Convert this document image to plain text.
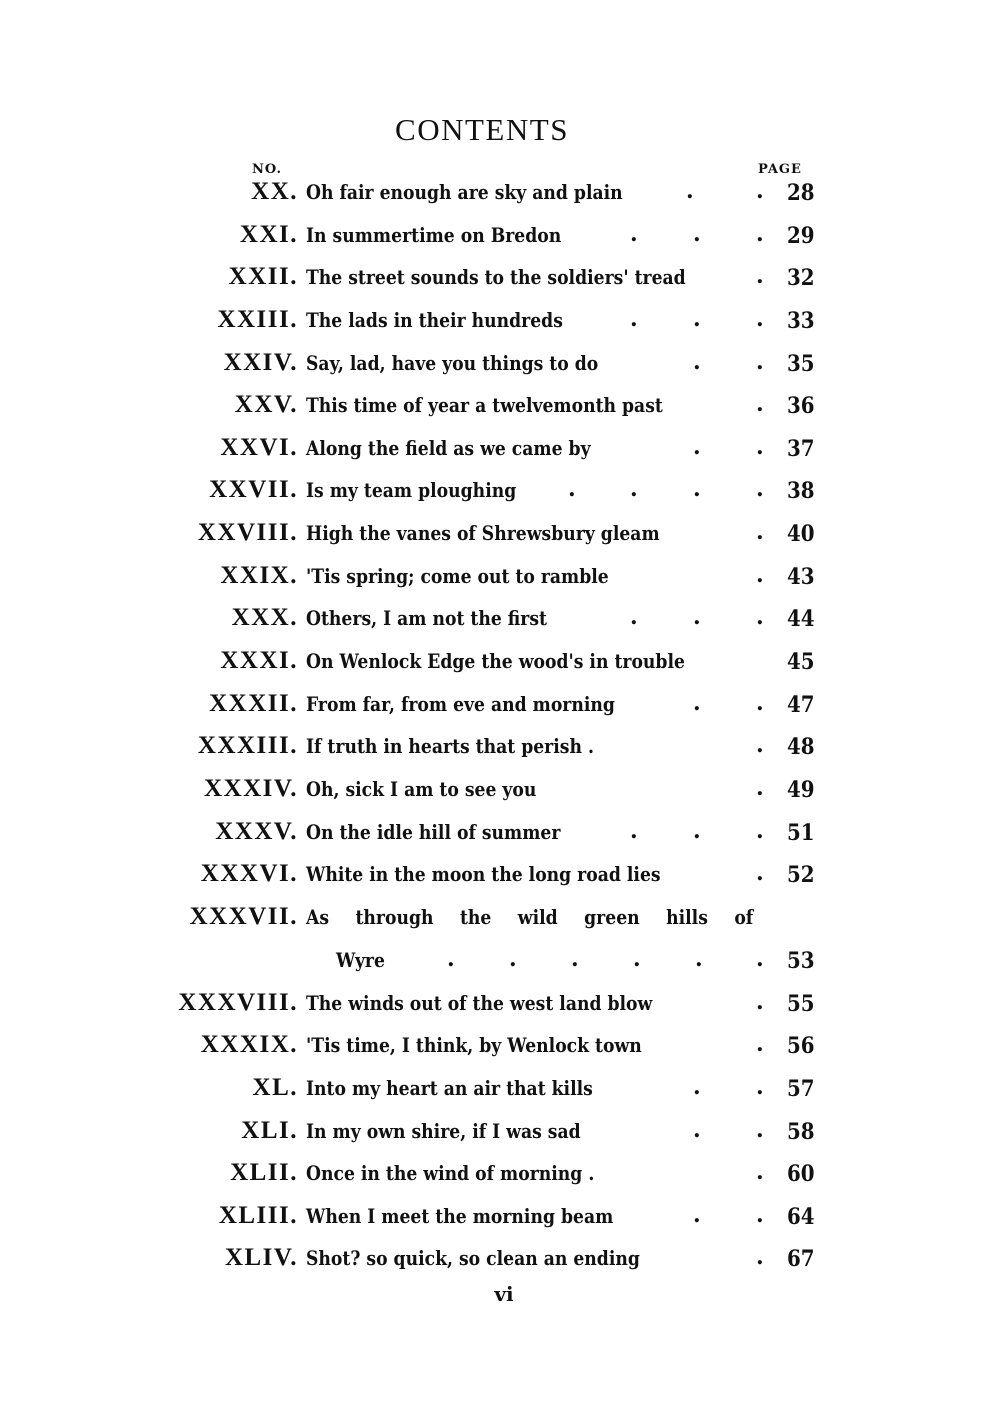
CONTENTS
NO.	PAGE
XX. Oh fair enough are sky and plain	28
.	.
XXI. In summertime on Bredon	29
.	.	.
XXII. The street sounds to the soldiers' tread	32
.
XXIII. The lads in their hundreds	33
.	.	.
XXIV. Say, lad, have you things to do	35
.	.
XXV. This time of year a twelvemonth past	36
.
XXVI. Along the field as we came by	37
.	.
XXVII. Is my team ploughing	38
. .	.	.
XXVIII. High the vanes of Shrewsbury gleam	40
.
XXIX. 'Tis spring; come out to ramble	43
.
XXX. Others, I am not the first	44
.	.	.
XXXI. On Wenlock Edge the wood's in trouble	45
XXXII. From far, from eve and morning	47
.	.
XXXIII. If truth in hearts that perish .	48
.
XXXIV. Oh, sick I am to see you	49
.
XXXV. On the idle hill of summer	51
.	.	.
XXXVI. White in the moon the long road lies	52
.
XXXVII. As through the wild green hills of
Wyre	53
. . . . . .
XXXVIII. The winds out of the west land blow	55
.
XXXIX. 'Tis time, I think, by Wenlock town	56
.
XL. Into my heart an air that kills	57
.	.
XLI. In my own shire, if I was sad	58
.	.
XLII. Once in the wind of morning .	60
.
XLIII. When I meet the morning beam	64
.	.
XLIV. Shot? so quick, so clean an ending	67
.
vi
